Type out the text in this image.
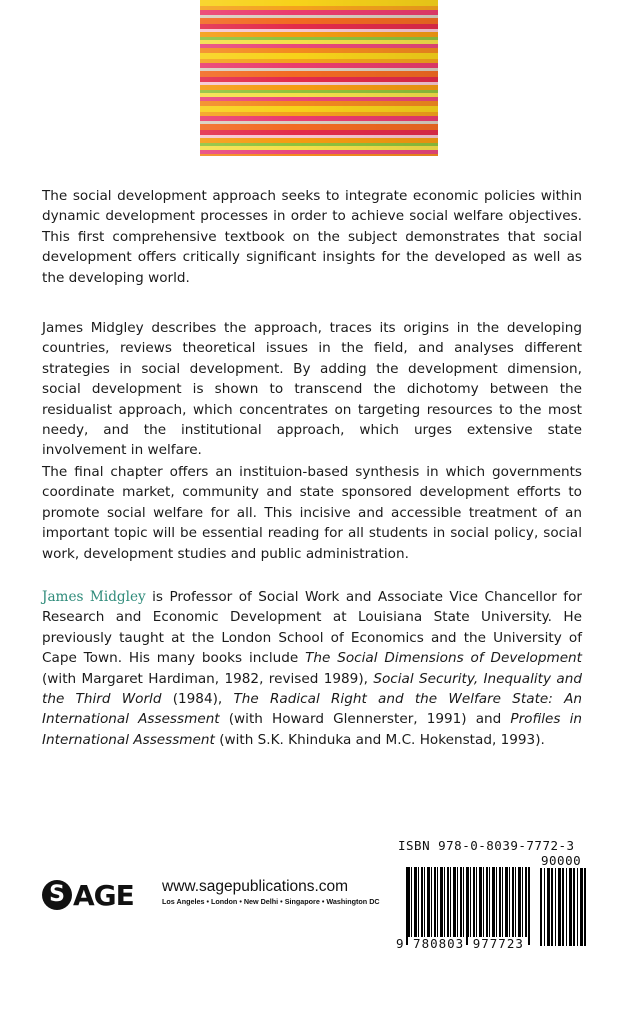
The social development approach seeks to integrate economic policies within dynamic development processes in order to achieve social welfare objectives. This first comprehensive textbook on the subject demonstrates that social development offers critically significant insights for the developed as well as the developing world.

James Midgley describes the approach, traces its origins in the developing countries, reviews theoretical issues in the field, and analyses different strategies in social development. By adding the development dimension, social development is shown to transcend the dichotomy between the residualist approach, which concentrates on targeting resources to the most needy, and the institutional approach, which urges extensive state involvement in welfare.

The final chapter offers an instituion-based synthesis in which governments coordinate market, community and state sponsored development efforts to promote social welfare for all. This incisive and accessible treatment of an important topic will be essential reading for all students in social policy, social work, development studies and public administration.

James Midgley is Professor of Social Work and Associate Vice Chancellor for Research and Economic Development at Louisiana State University. He previously taught at the London School of Economics and the University of Cape Town. His many books include The Social Dimensions of Development (with Margaret Hardiman, 1982, revised 1989), Social Security, Inequality and the Third World (1984), The Radical Right and the Welfare State: An International Assessment (with Howard Glennerster, 1991) and Profiles in International Assessment (with S.K. Khinduka and M.C. Hokenstad, 1993).

S AGE www.sagepublications.com
Los Angeles • London • New Delhi • Singapore • Washington DC
ISBN 978-0-8039-7772-3
90000
9 780803 977723
